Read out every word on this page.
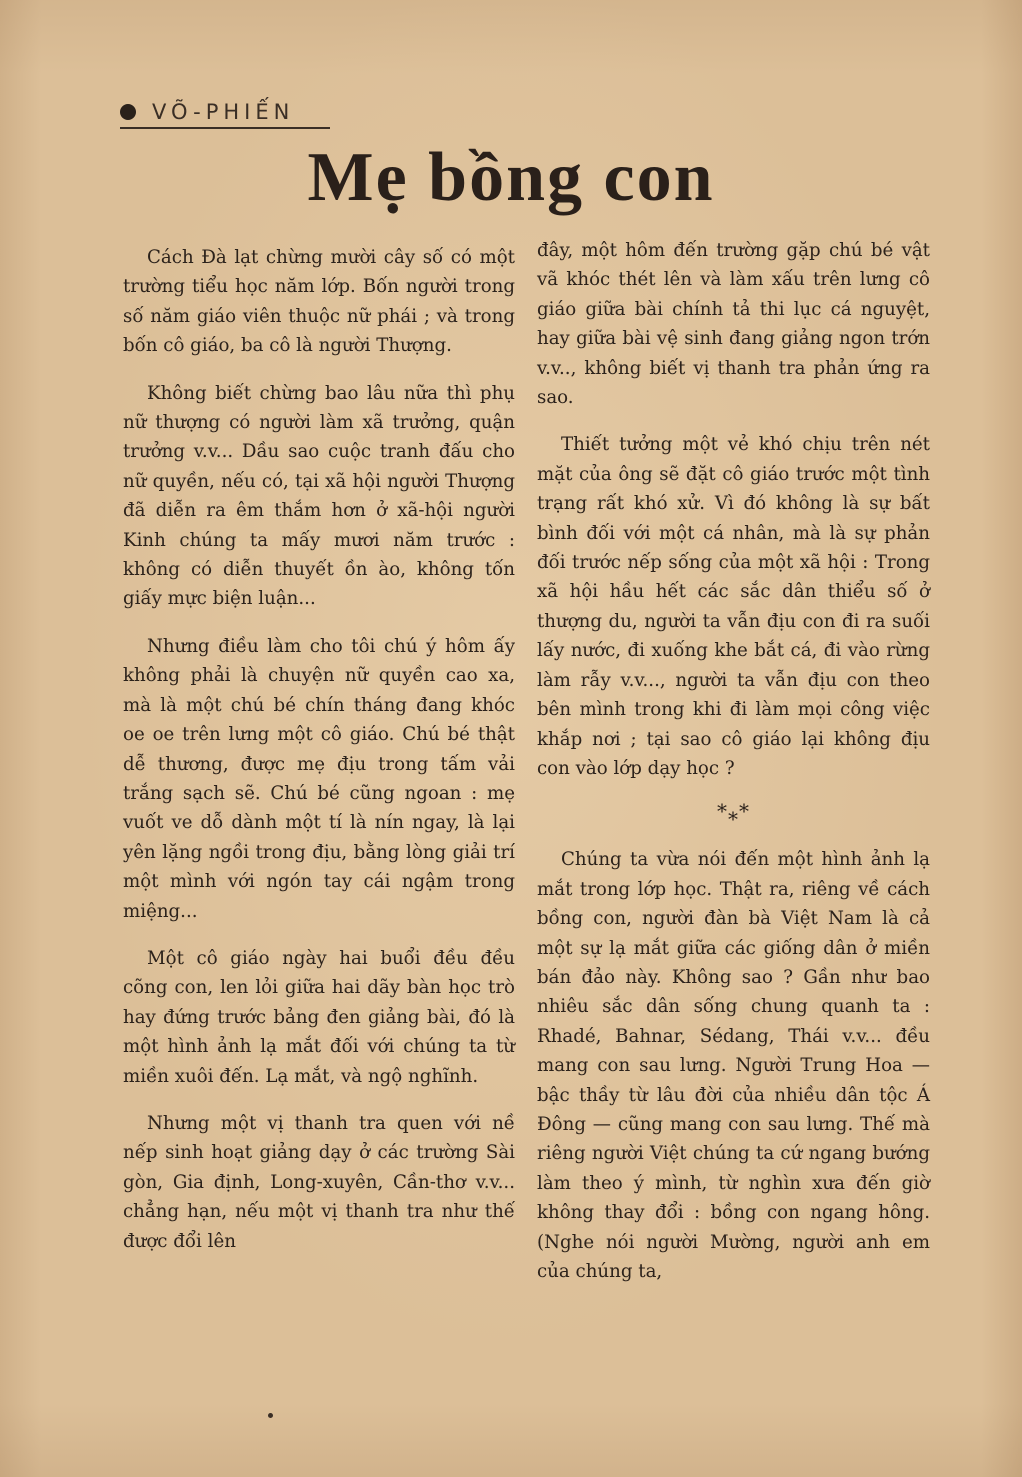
VÕ-PHIẾN
Mẹ bồng con

Cách Đà lạt chừng mười cây số có một trường tiểu học năm lớp. Bốn người trong số năm giáo viên thuộc nữ phái ; và trong bốn cô giáo, ba cô là người Thượng.

Không biết chừng bao lâu nữa thì phụ nữ thượng có người làm xã trưởng, quận trưởng v.v... Dầu sao cuộc tranh đấu cho nữ quyền, nếu có, tại xã hội người Thượng đã diễn ra êm thắm hơn ở xã-hội người Kinh chúng ta mấy mươi năm trước : không có diễn thuyết ồn ào, không tốn giấy mực biện luận...

Nhưng điều làm cho tôi chú ý hôm ấy không phải là chuyện nữ quyền cao xa, mà là một chú bé chín tháng đang khóc oe oe trên lưng một cô giáo. Chú bé thật dễ thương, được mẹ địu trong tấm vải trắng sạch sẽ. Chú bé cũng ngoan : mẹ vuốt ve dỗ dành một tí là nín ngay, là lại yên lặng ngồi trong địu, bằng lòng giải trí một mình với ngón tay cái ngậm trong miệng...

Một cô giáo ngày hai buổi đều đều cõng con, len lỏi giữa hai dãy bàn học trò hay đứng trước bảng đen giảng bài, đó là một hình ảnh lạ mắt đối với chúng ta từ miền xuôi đến. Lạ mắt, và ngộ nghĩnh.

Nhưng một vị thanh tra quen với nề nếp sinh hoạt giảng dạy ở các trường Sài gòn, Gia định, Long-xuyên, Cần-thơ v.v... chẳng hạn, nếu một vị thanh tra như thế được đổi lên

đây, một hôm đến trường gặp chú bé vật vã khóc thét lên và làm xấu trên lưng cô giáo giữa bài chính tả thi lục cá nguyệt, hay giữa bài vệ sinh đang giảng ngon trớn v.v.., không biết vị thanh tra phản ứng ra sao.

Thiết tưởng một vẻ khó chịu trên nét mặt của ông sẽ đặt cô giáo trước một tình trạng rất khó xử. Vì đó không là sự bất bình đối với một cá nhân, mà là sự phản đối trước nếp sống của một xã hội : Trong xã hội hầu hết các sắc dân thiểu số ở thượng du, người ta vẫn địu con đi ra suối lấy nước, đi xuống khe bắt cá, đi vào rừng làm rẫy v.v..., người ta vẫn địu con theo bên mình trong khi đi làm mọi công việc khắp nơi ; tại sao cô giáo lại không địu con vào lớp dạy học ?

***

Chúng ta vừa nói đến một hình ảnh lạ mắt trong lớp học. Thật ra, riêng về cách bồng con, người đàn bà Việt Nam là cả một sự lạ mắt giữa các giống dân ở miền bán đảo này. Không sao ? Gần như bao nhiêu sắc dân sống chung quanh ta : Rhadé, Bahnar, Sédang, Thái v.v... đều mang con sau lưng. Người Trung Hoa — bậc thầy từ lâu đời của nhiều dân tộc Á Đông — cũng mang con sau lưng. Thế mà riêng người Việt chúng ta cứ ngang bướng làm theo ý mình, từ nghìn xưa đến giờ không thay đổi : bồng con ngang hông. (Nghe nói người Mường, người anh em của chúng ta,
